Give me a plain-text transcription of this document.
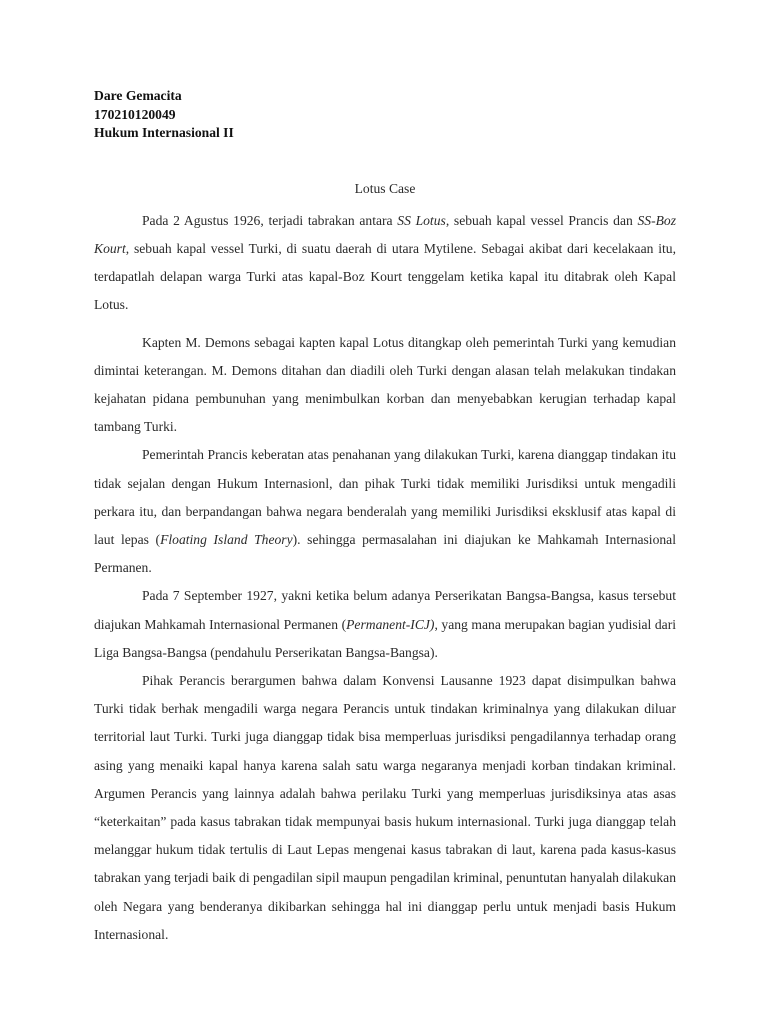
Dare Gemacita
170210120049
Hukum Internasional II
Lotus Case

Pada 2 Agustus 1926, terjadi tabrakan antara SS Lotus, sebuah kapal vessel Prancis dan SS-Boz Kourt, sebuah kapal vessel Turki, di suatu daerah di utara Mytilene. Sebagai akibat dari kecelakaan itu, terdapatlah delapan warga Turki atas kapal-Boz Kourt tenggelam ketika kapal itu ditabrak oleh Kapal Lotus.

Kapten M. Demons sebagai kapten kapal Lotus ditangkap oleh pemerintah Turki yang kemudian dimintai keterangan. M. Demons ditahan dan diadili oleh Turki dengan alasan telah melakukan tindakan kejahatan pidana pembunuhan yang menimbulkan korban dan menyebabkan kerugian terhadap kapal tambang Turki.

Pemerintah Prancis keberatan atas penahanan yang dilakukan Turki, karena dianggap tindakan itu tidak sejalan dengan Hukum Internasionl, dan pihak Turki tidak memiliki Jurisdiksi untuk mengadili perkara itu, dan berpandangan bahwa negara benderalah yang memiliki Jurisdiksi eksklusif atas kapal di laut lepas (Floating Island Theory). sehingga permasalahan ini diajukan ke Mahkamah Internasional Permanen.

Pada 7 September 1927, yakni ketika belum adanya Perserikatan Bangsa-Bangsa, kasus tersebut diajukan Mahkamah Internasional Permanen (Permanent-ICJ), yang mana merupakan bagian yudisial dari Liga Bangsa-Bangsa (pendahulu Perserikatan Bangsa-Bangsa).

Pihak Perancis berargumen bahwa dalam Konvensi Lausanne 1923 dapat disimpulkan bahwa Turki tidak berhak mengadili warga negara Perancis untuk tindakan kriminalnya yang dilakukan diluar territorial laut Turki. Turki juga dianggap tidak bisa memperluas jurisdiksi pengadilannya terhadap orang asing yang menaiki kapal hanya karena salah satu warga negaranya menjadi korban tindakan kriminal. Argumen Perancis yang lainnya adalah bahwa perilaku Turki yang memperluas jurisdiksinya atas asas “keterkaitan” pada kasus tabrakan tidak mempunyai basis hukum internasional. Turki juga dianggap telah melanggar hukum tidak tertulis di Laut Lepas mengenai kasus tabrakan di laut, karena pada kasus-kasus tabrakan yang terjadi baik di pengadilan sipil maupun pengadilan kriminal, penuntutan hanyalah dilakukan oleh Negara yang benderanya dikibarkan sehingga hal ini dianggap perlu untuk menjadi basis Hukum Internasional.
